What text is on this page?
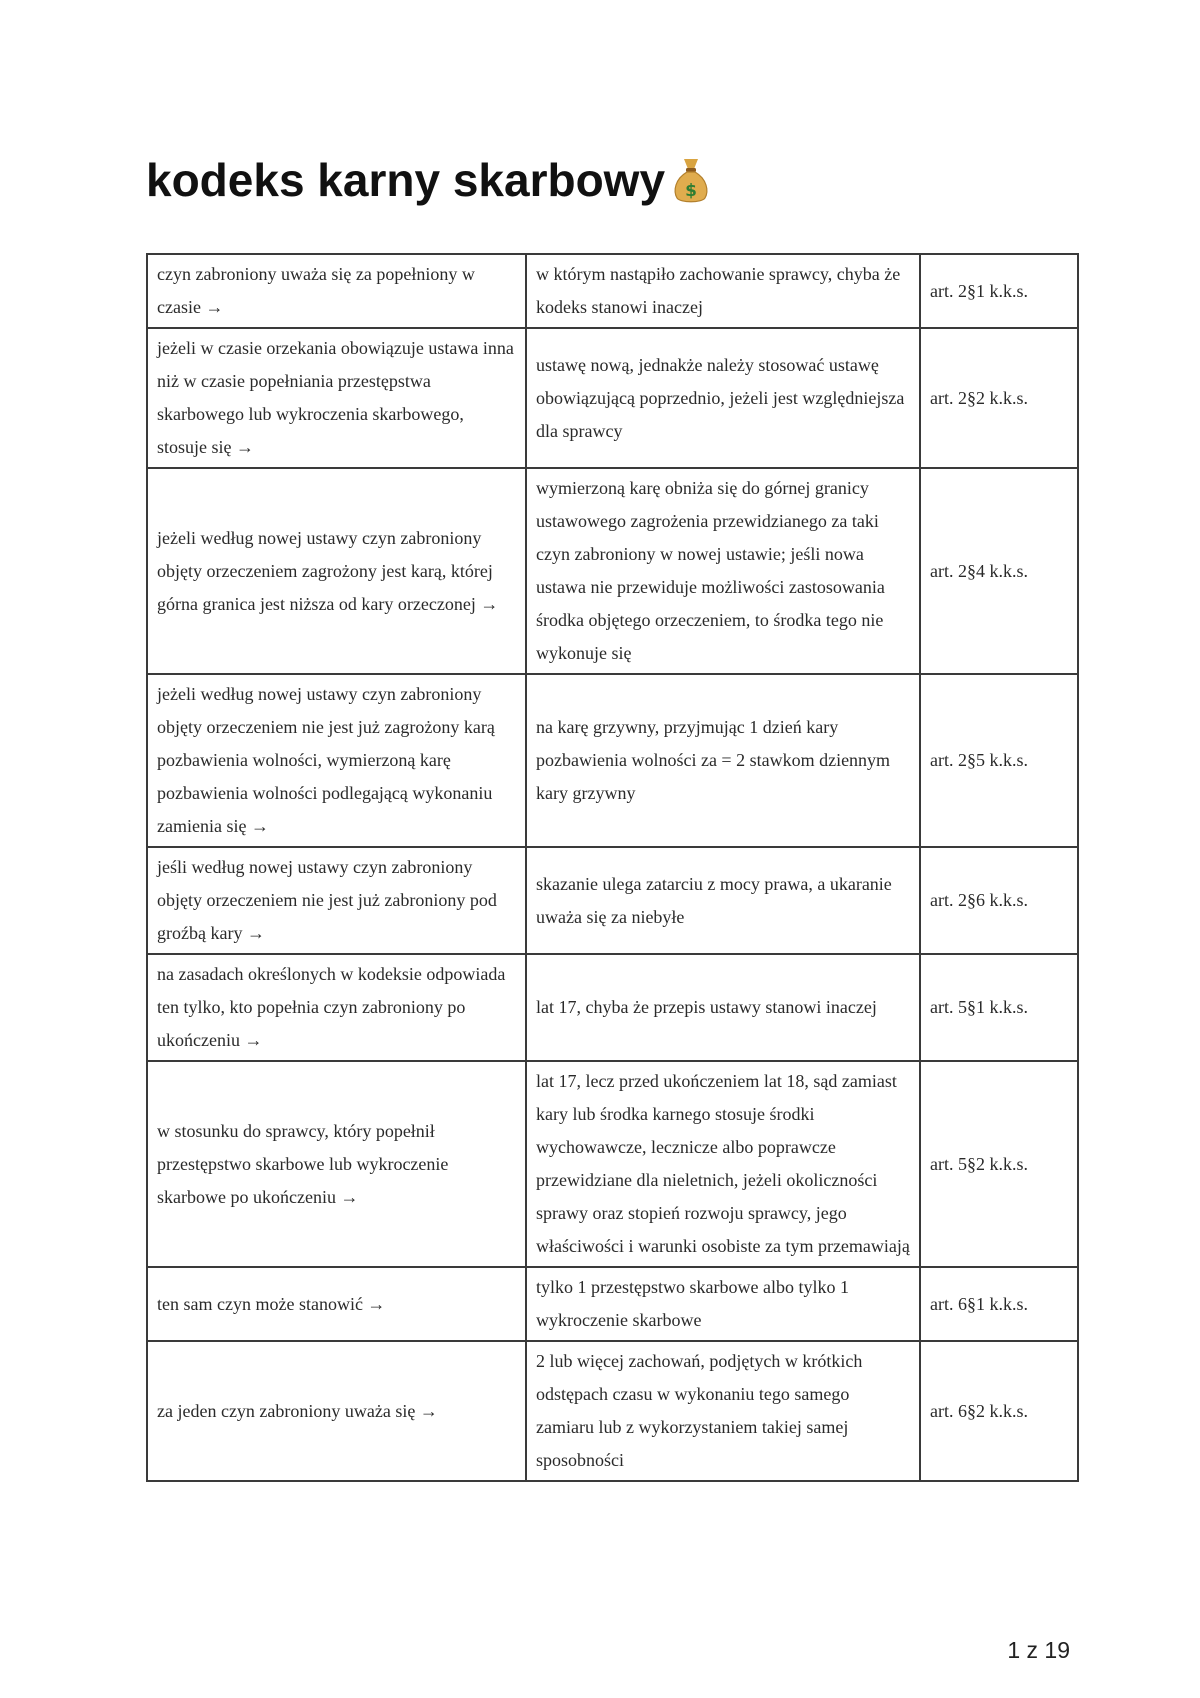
kodeks karny skarbowy $
czyn zabroniony uważa się za popełniony w czasie →	w którym nastąpiło zachowanie sprawcy, chyba że kodeks stanowi inaczej	art. 2§1 k.k.s.
jeżeli w czasie orzekania obowiązuje ustawa inna niż w czasie popełniania przestępstwa skarbowego lub wykroczenia skarbowego, stosuje się →	ustawę nową, jednakże należy stosować ustawę obowiązującą poprzednio, jeżeli jest względniejsza dla sprawcy	art. 2§2 k.k.s.
jeżeli według nowej ustawy czyn zabroniony objęty orzeczeniem zagrożony jest karą, której górna granica jest niższa od kary orzeczonej →	wymierzoną karę obniża się do górnej granicy ustawowego zagrożenia przewidzianego za taki czyn zabroniony w nowej ustawie; jeśli nowa ustawa nie przewiduje możliwości zastosowania środka objętego orzeczeniem, to środka tego nie wykonuje się	art. 2§4 k.k.s.
jeżeli według nowej ustawy czyn zabroniony objęty orzeczeniem nie jest już zagrożony karą pozbawienia wolności, wymierzoną karę pozbawienia wolności podlegającą wykonaniu zamienia się →	na karę grzywny, przyjmując 1 dzień kary pozbawienia wolności za = 2 stawkom dziennym kary grzywny	art. 2§5 k.k.s.
jeśli według nowej ustawy czyn zabroniony objęty orzeczeniem nie jest już zabroniony pod groźbą kary →	skazanie ulega zatarciu z mocy prawa, a ukaranie uważa się za niebyłe	art. 2§6 k.k.s.
na zasadach określonych w kodeksie odpowiada ten tylko, kto popełnia czyn zabroniony po ukończeniu →	lat 17, chyba że przepis ustawy stanowi inaczej	art. 5§1 k.k.s.
w stosunku do sprawcy, który popełnił przestępstwo skarbowe lub wykroczenie skarbowe po ukończeniu →	lat 17, lecz przed ukończeniem lat 18, sąd zamiast kary lub środka karnego stosuje środki wychowawcze, lecznicze albo poprawcze przewidziane dla nieletnich, jeżeli okoliczności sprawy oraz stopień rozwoju sprawcy, jego właściwości i warunki osobiste za tym przemawiają	art. 5§2 k.k.s.
ten sam czyn może stanowić →	tylko 1 przestępstwo skarbowe albo tylko 1 wykroczenie skarbowe	art. 6§1 k.k.s.
za jeden czyn zabroniony uważa się →	2 lub więcej zachowań, podjętych w krótkich odstępach czasu w wykonaniu tego samego zamiaru lub z wykorzystaniem takiej samej sposobności	art. 6§2 k.k.s.
1 z 19
